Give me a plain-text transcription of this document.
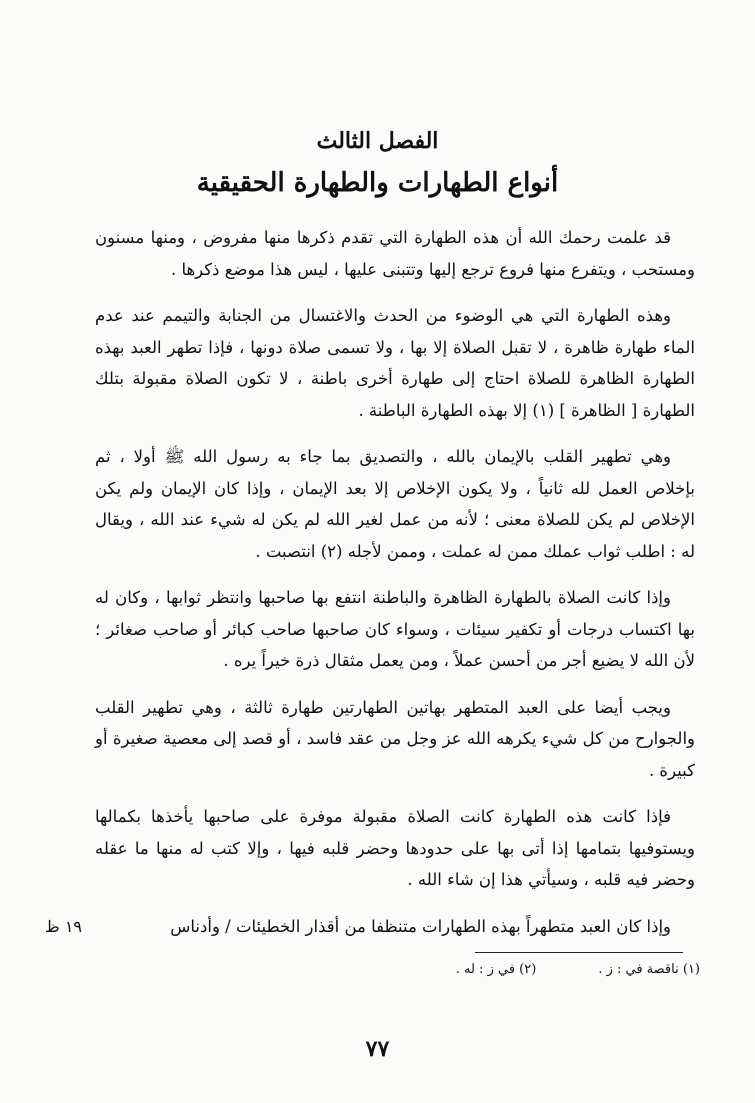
الفصل الثالث
أنواع الطهارات والطهارة الحقيقية

قد علمت رحمك الله أن هذه الطهارة التي تقدم ذكرها منها مفروض ، ومنها مسنون ومستحب ، ويتفرع منها فروع ترجع إليها وتتبنى عليها ، ليس هذا موضع ذكرها .

وهذه الطهارة التي هي الوضوء من الحدث والاغتسال من الجنابة والتيمم عند عدم الماء طهارة ظاهرة ، لا تقبل الصلاة إلا بها ، ولا تسمى صلاة دونها ، فإذا تطهر العبد بهذه الطهارة الظاهرة للصلاة احتاج إلى طهارة أخرى باطنة ، لا تكون الصلاة مقبولة بتلك الطهارة [ الظاهرة ] (١) إلا بهذه الطهارة الباطنة .

وهي تطهير القلب بالإيمان بالله ، والتصديق بما جاء به رسول الله ﷺ أولا ، ثم بإخلاص العمل لله ثانياً ، ولا يكون الإخلاص إلا بعد الإيمان ، وإذا كان الإيمان ولم يكن الإخلاص لم يكن للصلاة معنى ؛ لأنه من عمل لغير الله لم يكن له شيء عند الله ، ويقال له : اطلب ثواب عملك ممن له عملت ، وممن لأجله (٢) انتصبت .

وإذا كانت الصلاة بالطهارة الظاهرة والباطنة انتفع بها صاحبها وانتظر ثوابها ، وكان له بها اكتساب درجات أو تكفير سيئات ، وسواء كان صاحبها صاحب كبائر أو صاحب صغائر ؛ لأن الله لا يضيع أجر من أحسن عملاً ، ومن يعمل مثقال ذرة خيراً يره .

ويجب أيضا على العبد المتطهر بهاتين الطهارتين طهارة ثالثة ، وهي تطهير القلب والجوارح من كل شيء يكرهه الله عز وجل من عقد فاسد ، أو قصد إلى معصية صغيرة أو كبيرة .

فإذا كانت هذه الطهارة كانت الصلاة مقبولة موفرة على صاحبها يأخذها بكمالها ويستوفيها بتمامها إذا أتى بها على حدودها وحضر قلبه فيها ، وإلا كتب له منها ما عقله وحضر فيه قلبه ، وسيأتي هذا إن شاء الله .

وإذا كان العبد متطهراً بهذه الطهارات متنظفا من أقذار الخطيئات / وأدناس

١٩ ظ
(١) ناقصة في : ز .
(٢) في ز : له .
٧٧
